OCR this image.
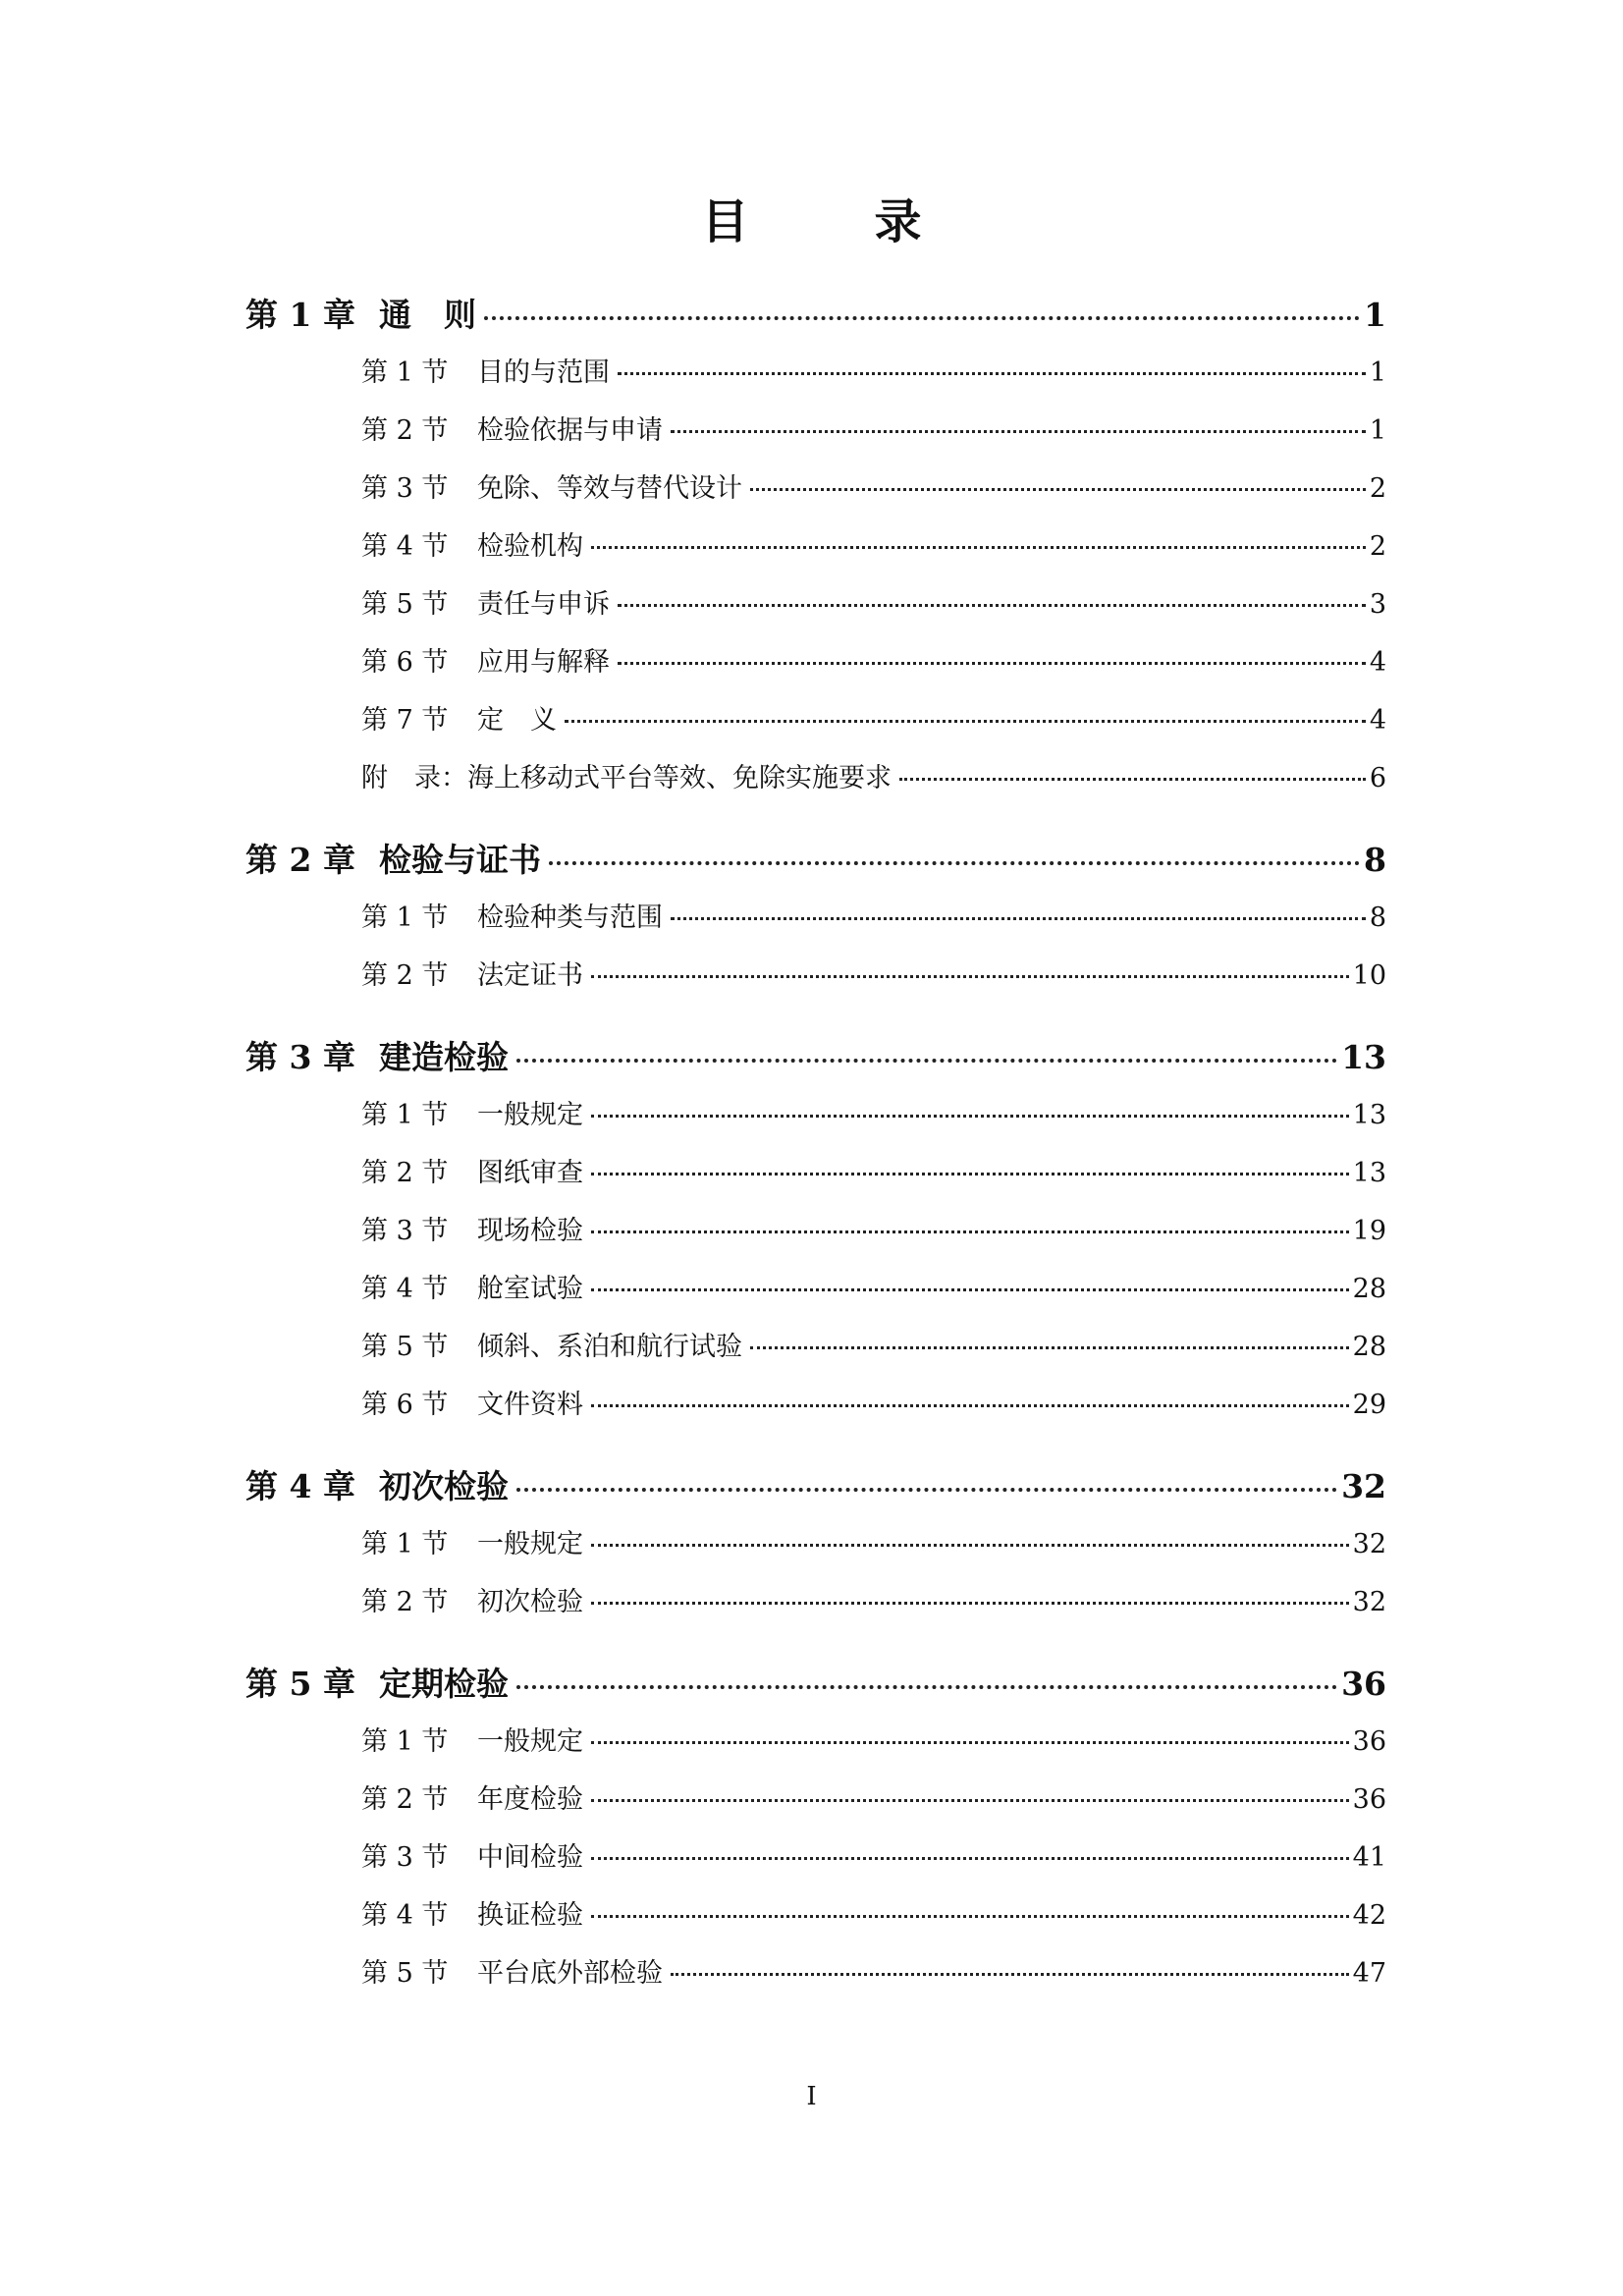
目　录
第 1 章 通　则	1
第 1 节	目的与范围	1
第 2 节	检验依据与申请	1
第 3 节	免除、等效与替代设计	2
第 4 节	检验机构	2
第 5 节	责任与申诉	3
第 6 节	应用与解释	4
第 7 节	定　义	4
附　录： 海上移动式平台等效、免除实施要求	6
第 2 章 检验与证书	8
第 1 节	检验种类与范围	8
第 2 节	法定证书	10
第 3 章 建造检验	13
第 1 节	一般规定	13
第 2 节	图纸审查	13
第 3 节	现场检验	19
第 4 节	舱室试验	28
第 5 节	倾斜、系泊和航行试验	28
第 6 节	文件资料	29
第 4 章 初次检验	32
第 1 节	一般规定	32
第 2 节	初次检验	32
第 5 章 定期检验	36
第 1 节	一般规定	36
第 2 节	年度检验	36
第 3 节	中间检验	41
第 4 节	换证检验	42
第 5 节	平台底外部检验	47
I
